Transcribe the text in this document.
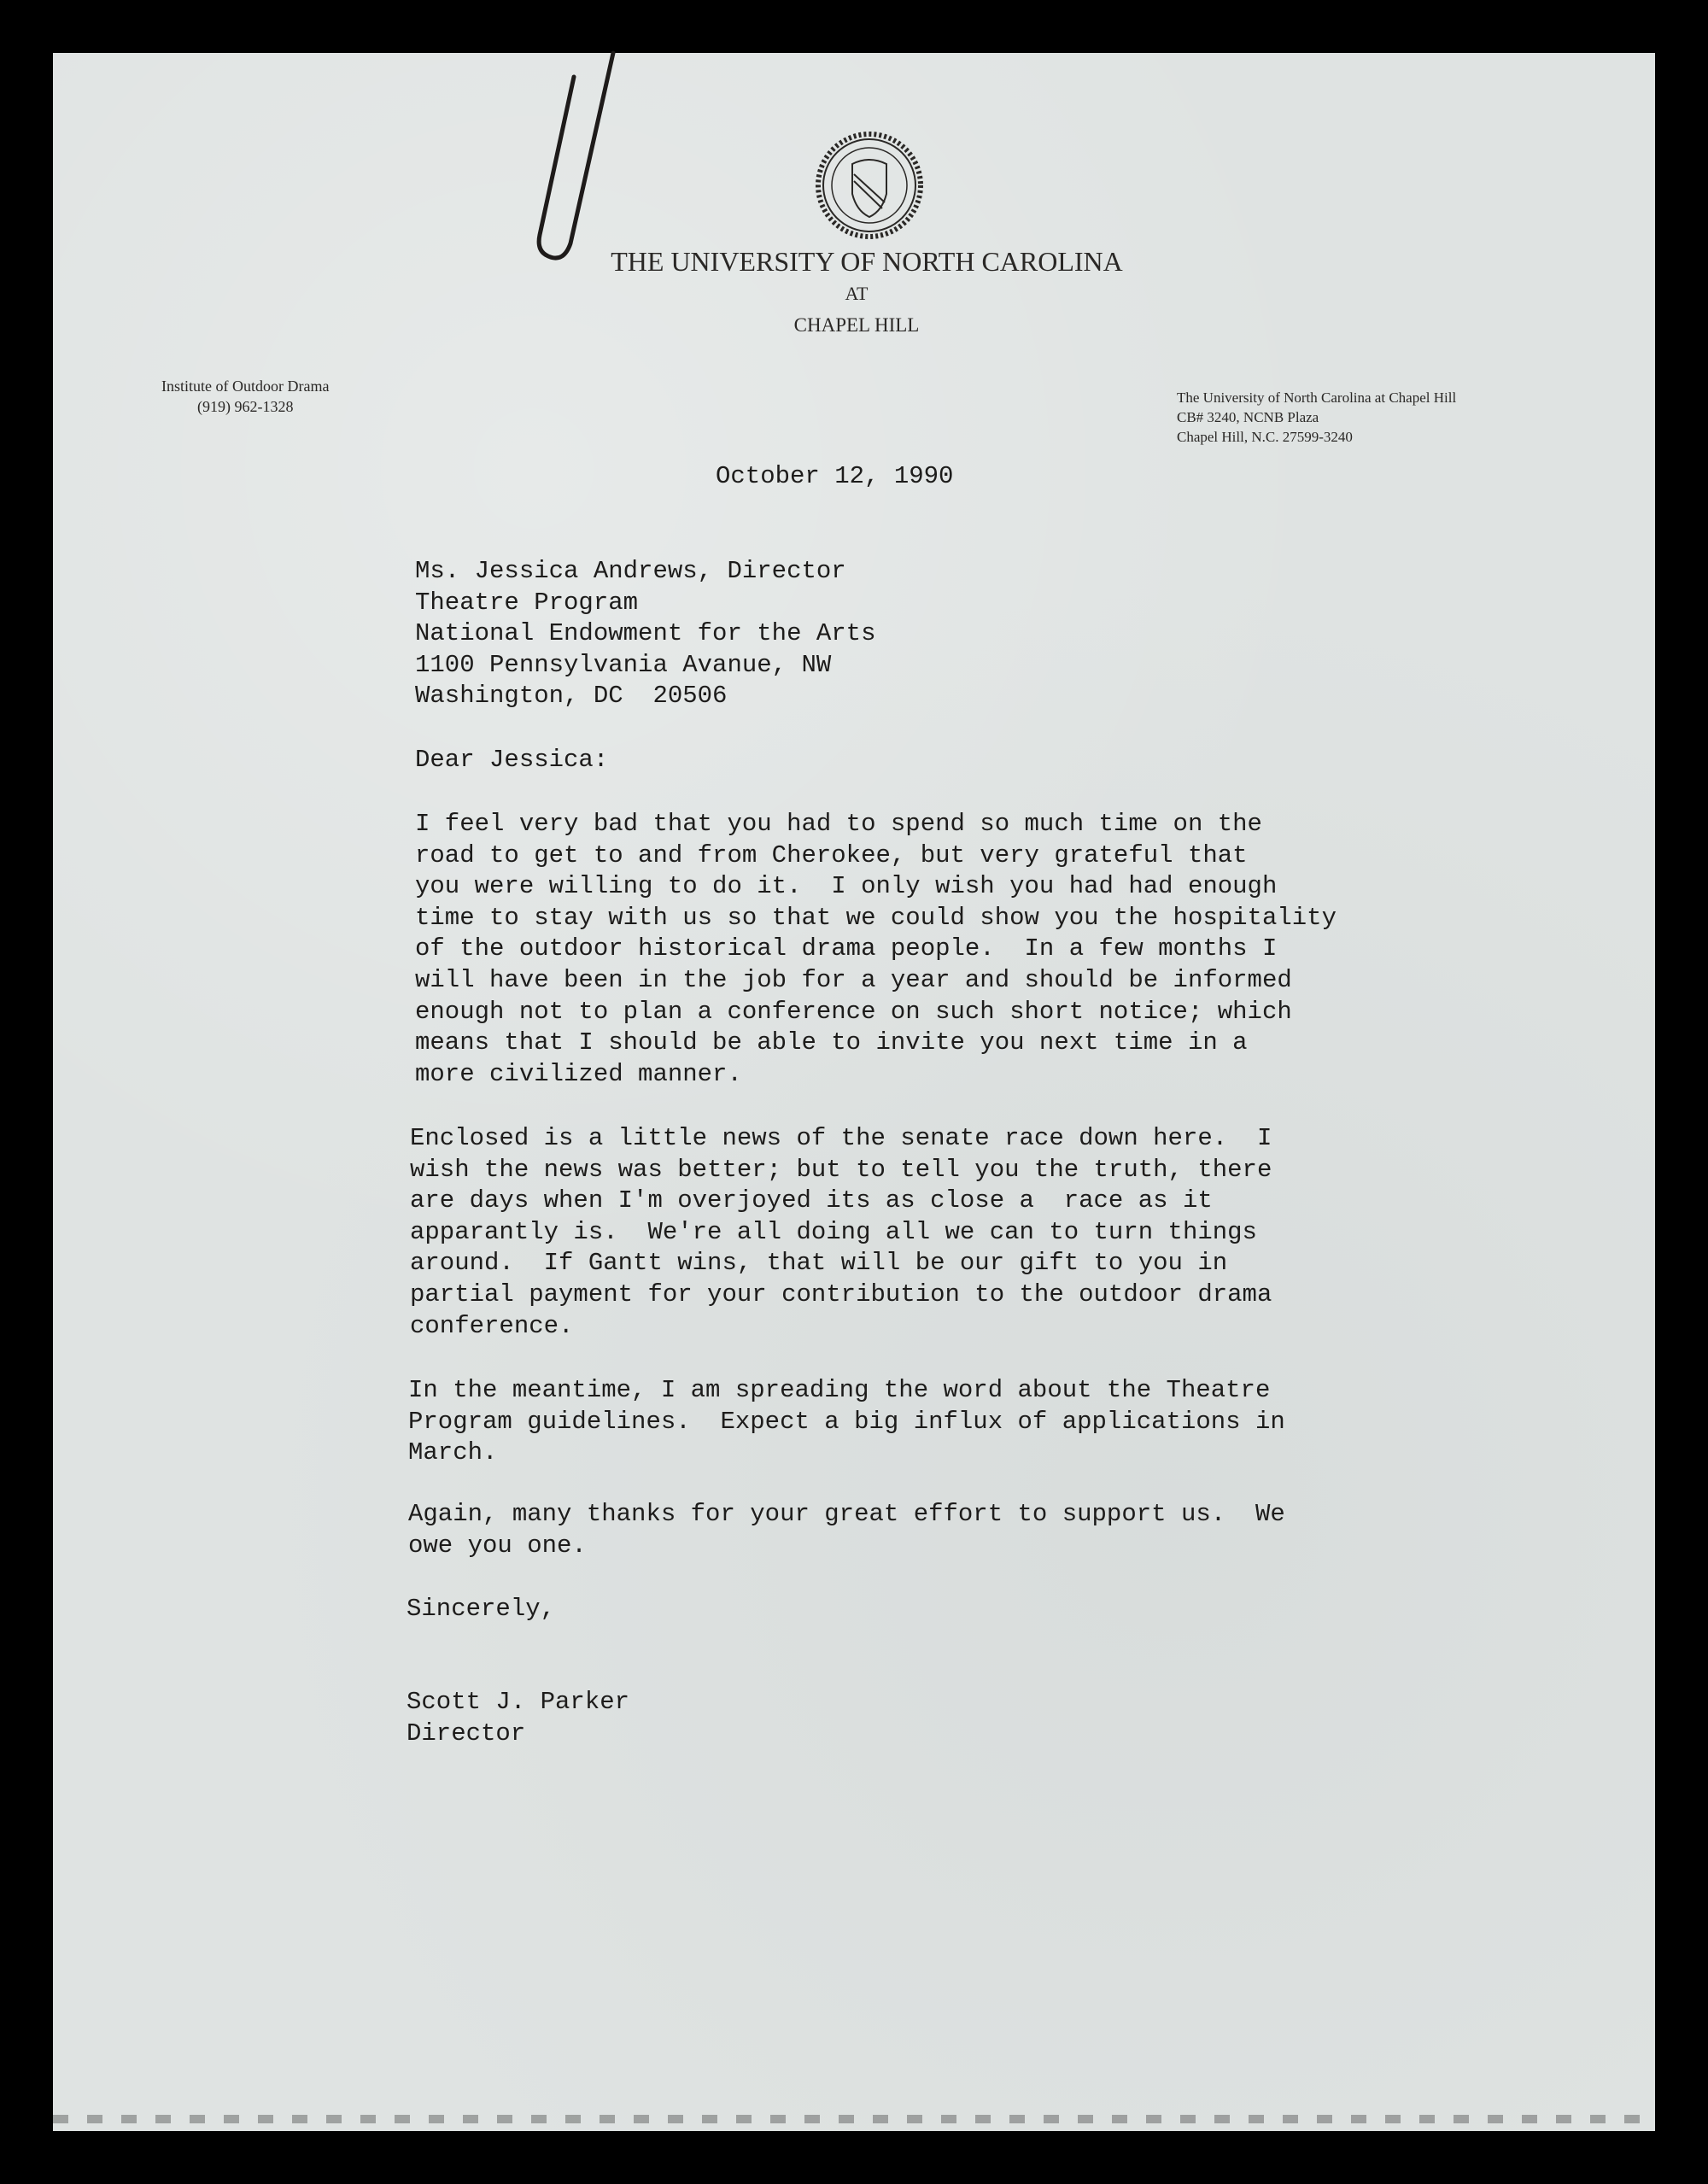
THE UNIVERSITY OF NORTH CAROLINA
AT
CHAPEL HILL
Institute of Outdoor Drama
(919) 962-1328
The University of North Carolina at Chapel Hill
CB# 3240, NCNB Plaza
Chapel Hill, N.C. 27599-3240
October 12, 1990
Ms. Jessica Andrews, Director
Theatre Program
National Endowment for the Arts
1100 Pennsylvania Avanue, NW
Washington, DC  20506
Dear Jessica:
I feel very bad that you had to spend so much time on the
road to get to and from Cherokee, but very grateful that
you were willing to do it.  I only wish you had had enough
time to stay with us so that we could show you the hospitality
of the outdoor historical drama people.  In a few months I
will have been in the job for a year and should be informed
enough not to plan a conference on such short notice; which
means that I should be able to invite you next time in a
more civilized manner.
Enclosed is a little news of the senate race down here.  I
wish the news was better; but to tell you the truth, there
are days when I'm overjoyed its as close a  race as it
apparantly is.  We're all doing all we can to turn things
around.  If Gantt wins, that will be our gift to you in
partial payment for your contribution to the outdoor drama
conference.
In the meantime, I am spreading the word about the Theatre
Program guidelines.  Expect a big influx of applications in
March.
Again, many thanks for your great effort to support us.  We
owe you one.
Sincerely,
Scott J. Parker
Director
